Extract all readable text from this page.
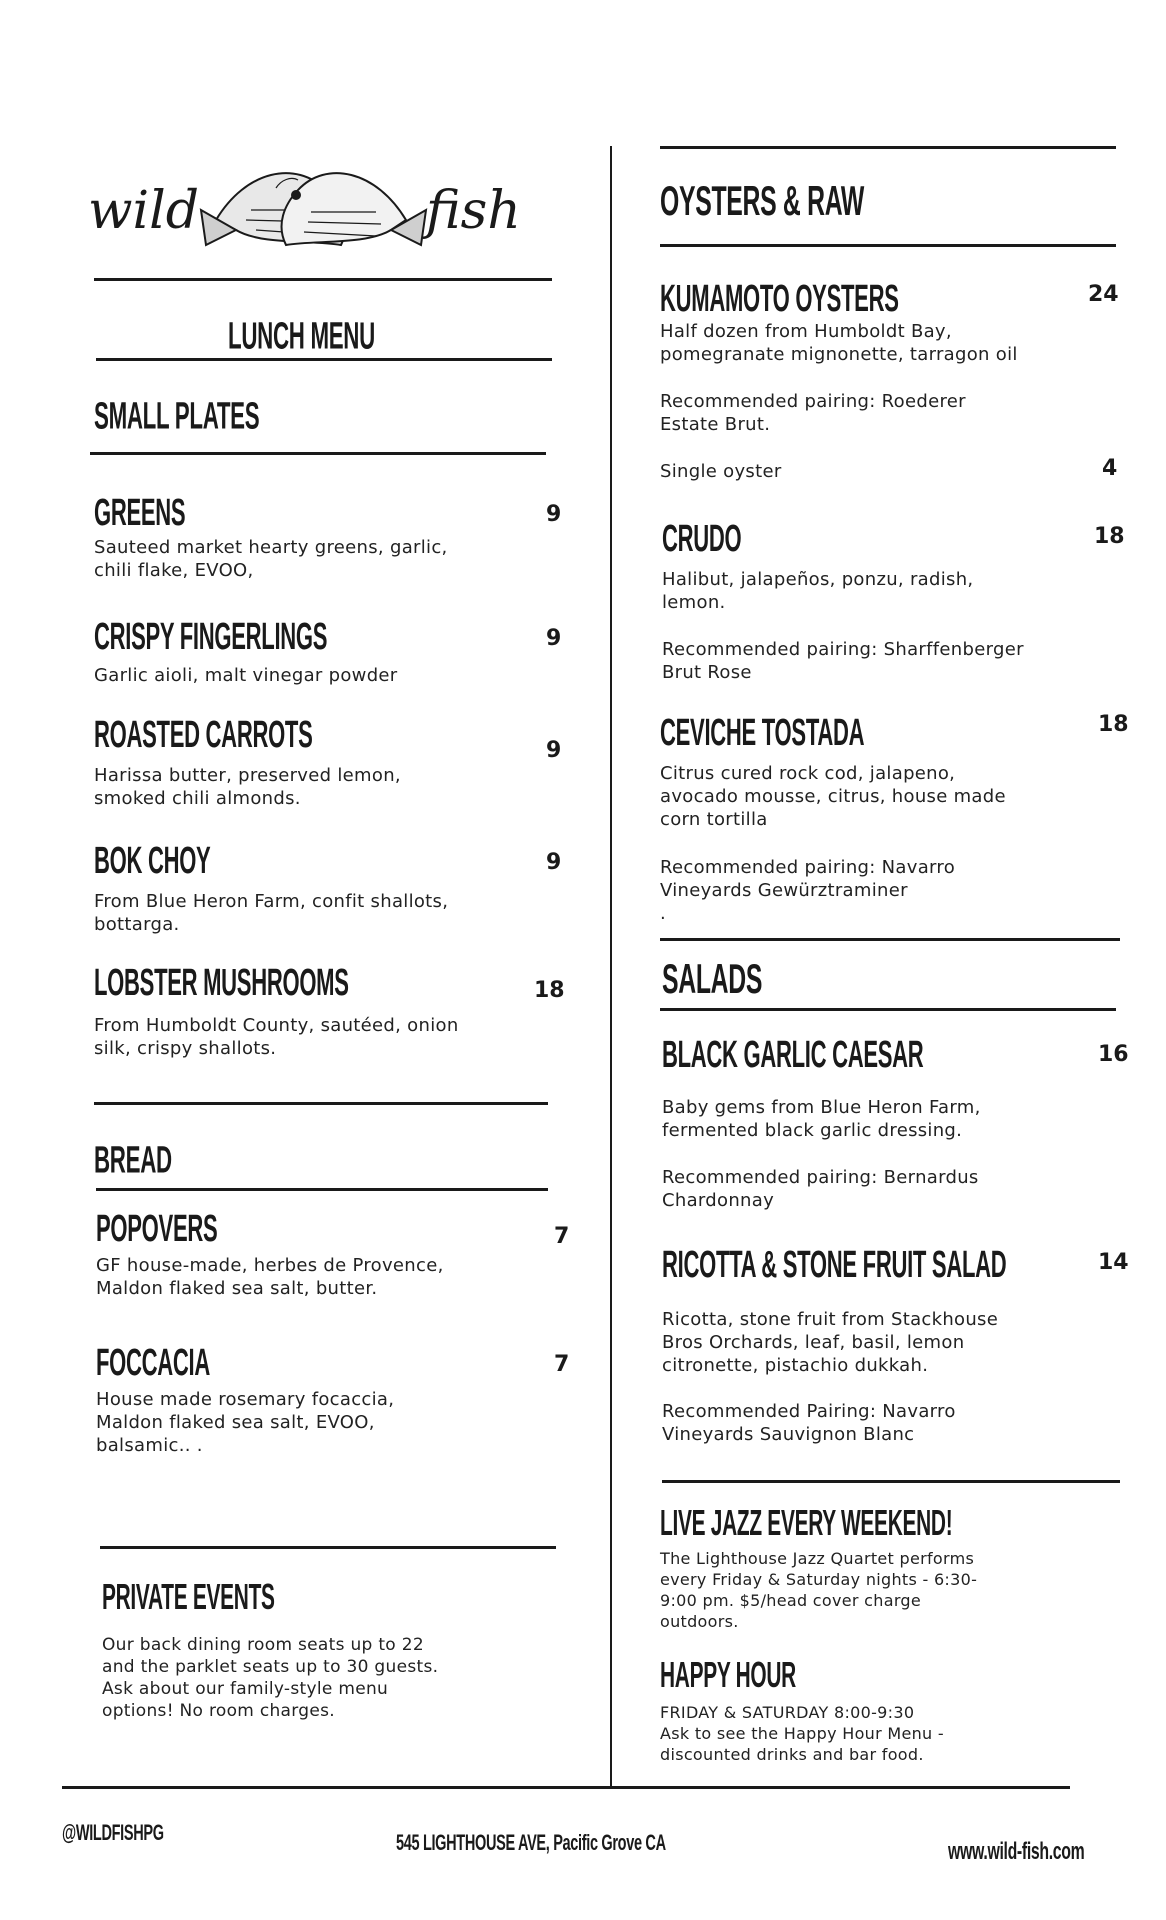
wild	fish
LUNCH MENU
SMALL PLATES
GREENS	9
Sauteed market hearty greens, garlic,
chili flake, EVOO,
CRISPY FINGERLINGS	9
Garlic aioli, malt vinegar powder
ROASTED CARROTS	9
Harissa butter, preserved lemon,
smoked chili almonds.
BOK CHOY	9
From Blue Heron Farm, confit shallots,
bottarga.
LOBSTER MUSHROOMS	18
From Humboldt County, sautéed, onion
silk, crispy shallots.
BREAD
POPOVERS	7
GF house-made, herbes de Provence,
Maldon flaked sea salt, butter.
FOCCACIA	7
House made rosemary focaccia,
Maldon flaked sea salt, EVOO,
balsamic.. .
PRIVATE EVENTS
Our back dining room seats up to 22
and the parklet seats up to 30 guests.
Ask about our family-style menu
options! No room charges.
OYSTERS & RAW
KUMAMOTO OYSTERS	24
Half dozen from Humboldt Bay,
pomegranate mignonette, tarragon oil
Recommended pairing: Roederer
Estate Brut.
Single oyster	4
CRUDO	18
Halibut, jalapeños, ponzu, radish,
lemon.
Recommended pairing: Sharffenberger
Brut Rose
CEVICHE TOSTADA	18
Citrus cured rock cod, jalapeno,
avocado mousse, citrus, house made
corn tortilla
Recommended pairing: Navarro
Vineyards Gewürztraminer
.
SALADS
BLACK GARLIC CAESAR	16
Baby gems from Blue Heron Farm,
fermented black garlic dressing.
Recommended pairing: Bernardus
Chardonnay
RICOTTA & STONE FRUIT SALAD	14
Ricotta, stone fruit from Stackhouse
Bros Orchards, leaf, basil, lemon
citronette, pistachio dukkah.
Recommended Pairing: Navarro
Vineyards Sauvignon Blanc
LIVE JAZZ EVERY WEEKEND!
The Lighthouse Jazz Quartet performs
every Friday & Saturday nights - 6:30-
9:00 pm. $5/head cover charge
outdoors.
HAPPY HOUR
FRIDAY & SATURDAY 8:00-9:30
Ask to see the Happy Hour Menu -
discounted drinks and bar food.
@WILDFISHPG	545 LIGHTHOUSE AVE, Pacific Grove CA	www.wild-fish.com
